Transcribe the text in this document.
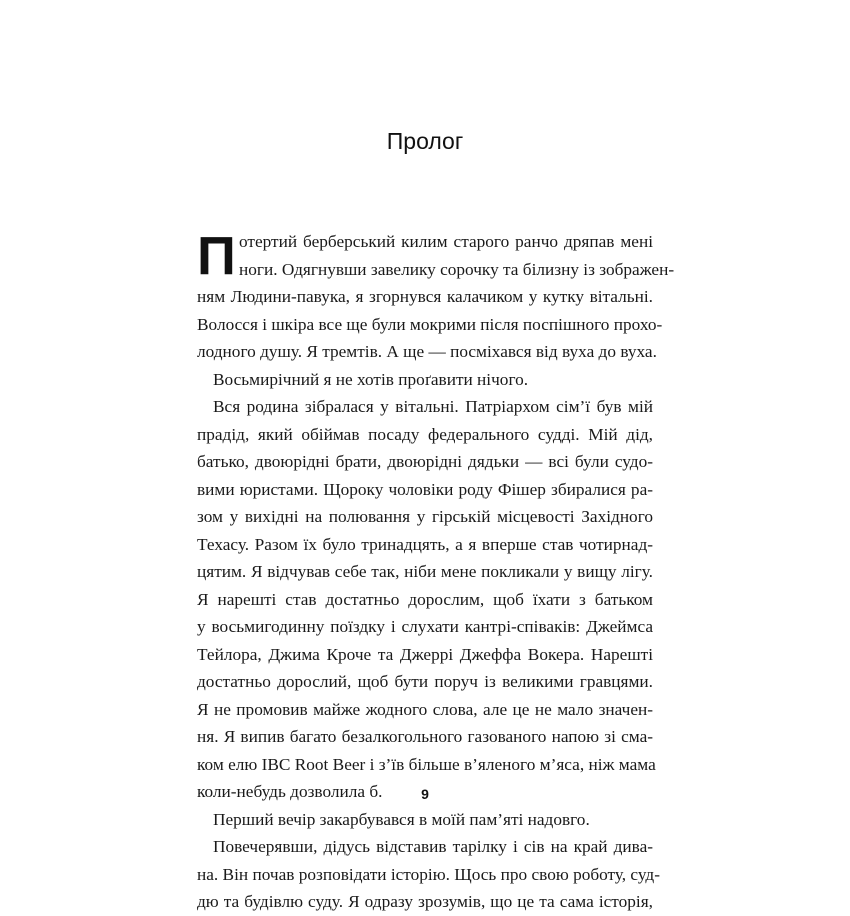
Пролог
П отертий берберський килим старого ранчо дряпав мені
ноги. Одягнувши завелику сорочку та білизну із зображен-
ням Людини-павука, я згорнувся калачиком у кутку вітальні.
Волосся і шкіра все ще були мокрими після поспішного прохо-
лодного душу. Я тремтів. А ще — посміхався від вуха до вуха.
Восьмирічний я не хотів проґавити нічого.
Вся родина зібралася у вітальні. Патріархом сім’ї був мій
прадід, який обіймав посаду федерального судді. Мій дід,
батько, двоюрідні брати, двоюрідні дядьки — всі були судо-
вими юристами. Щороку чоловіки роду Фішер збиралися ра-
зом у вихідні на полювання у гірській місцевості Західного
Техасу. Разом їх було тринадцять, а я вперше став чотирнад-
цятим. Я відчував себе так, ніби мене покликали у вищу лігу.
Я нарешті став достатньо дорослим, щоб їхати з батьком
у восьмигодинну поїздку і слухати кантрі-співаків: Джеймса
Тейлора, Джима Кроче та Джеррі Джеффа Вокера. Нарешті
достатньо дорослий, щоб бути поруч із великими гравцями.
Я не промовив майже жодного слова, але це не мало значен-
ня. Я випив багато безалкогольного газованого напою зі сма-
ком елю IBC Root Beer і з’їв більше в’яленого м’яса, ніж мама
коли-небудь дозволила б.
Перший вечір закарбувався в моїй пам’яті надовго.
Повечерявши, дідусь відставив тарілку і сів на край дива-
на. Він почав розповідати історію. Щось про свою роботу, суд-
дю та будівлю суду. Я одразу зрозумів, що це та сама історія,
9
